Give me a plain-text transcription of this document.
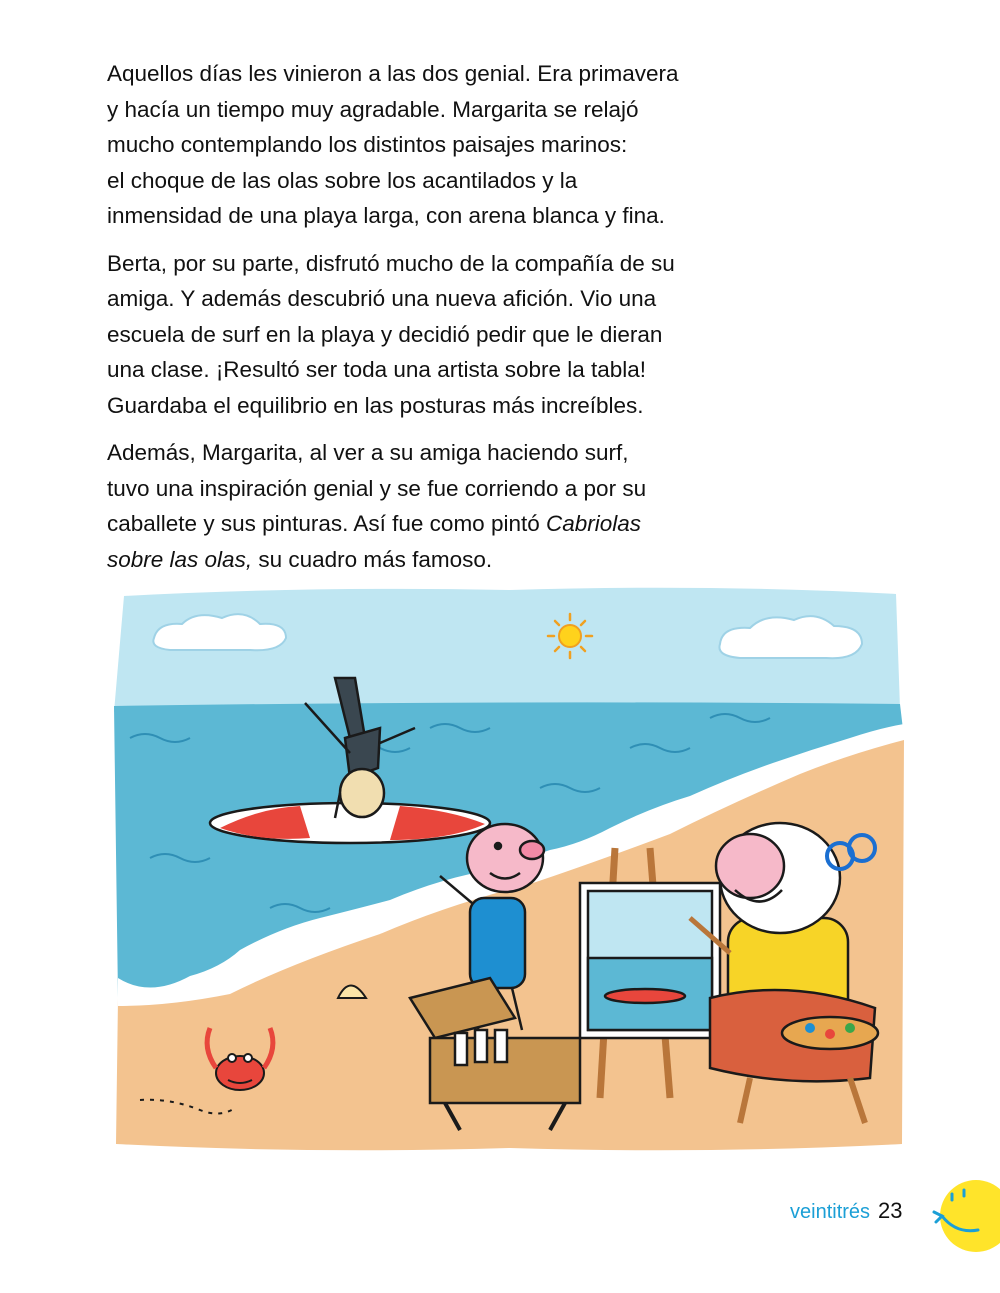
Aquellos días les vinieron a las dos genial. Era primavera
y hacía un tiempo muy agradable. Margarita se relajó
mucho contemplando los distintos paisajes marinos:
el choque de las olas sobre los acantilados y la
inmensidad de una playa larga, con arena blanca y fina.

Berta, por su parte, disfrutó mucho de la compañía de su
amiga. Y además descubrió una nueva afición. Vio una
escuela de surf en la playa y decidió pedir que le dieran
una clase. ¡Resultó ser toda una artista sobre la tabla!
Guardaba el equilibrio en las posturas más increíbles.

Además, Margarita, al ver a su amiga haciendo surf,
tuvo una inspiración genial y se fue corriendo a por su
caballete y sus pinturas. Así fue como pintó Cabriolas
sobre las olas, su cuadro más famoso.

veintitrés 23
